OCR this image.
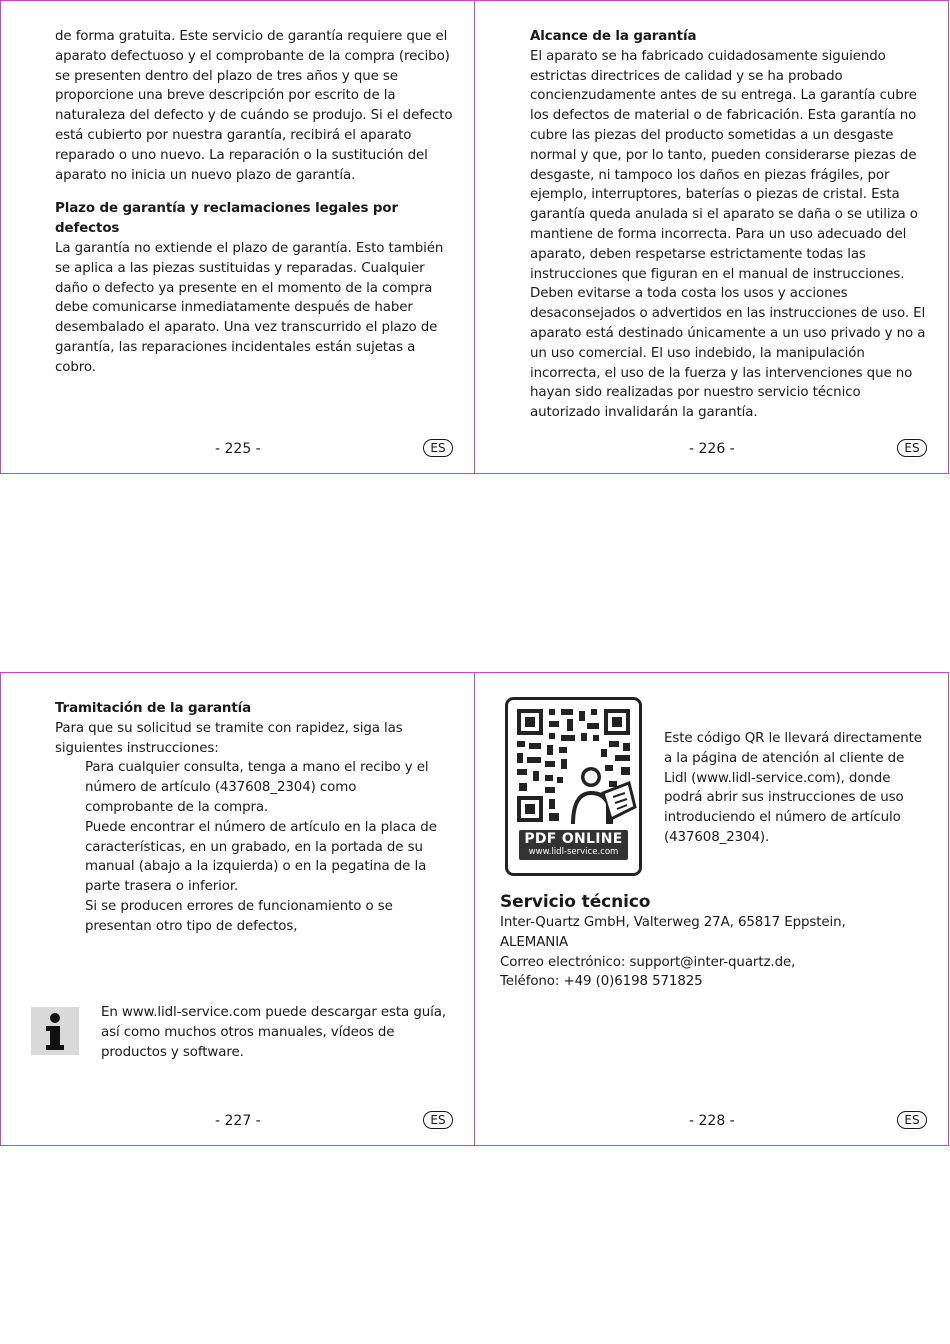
de forma gratuita. Este servicio de garantía requiere que el

aparato defectuoso y el comprobante de la compra (recibo)

se presenten dentro del plazo de tres años y que se

proporcione una breve descripción por escrito de la

naturaleza del defecto y de cuándo se produjo. Si el defecto

está cubierto por nuestra garantía, recibirá el aparato

reparado o uno nuevo. La reparación o la sustitución del

aparato no inicia un nuevo plazo de garantía.

Plazo de garantía y reclamaciones legales por

defectos

La garantía no extiende el plazo de garantía. Esto también

se aplica a las piezas sustituidas y reparadas. Cualquier

daño o defecto ya presente en el momento de la compra

debe comunicarse inmediatamente después de haber

desembalado el aparato. Una vez transcurrido el plazo de

garantía, las reparaciones incidentales están sujetas a

cobro.

- 225 -	ES

Alcance de la garantía

El aparato se ha fabricado cuidadosamente siguiendo

estrictas directrices de calidad y se ha probado

concienzudamente antes de su entrega. La garantía cubre

los defectos de material o de fabricación. Esta garantía no

cubre las piezas del producto sometidas a un desgaste

normal y que, por lo tanto, pueden considerarse piezas de

desgaste, ni tampoco los daños en piezas frágiles, por

ejemplo, interruptores, baterías o piezas de cristal. Esta

garantía queda anulada si el aparato se daña o se utiliza o

mantiene de forma incorrecta. Para un uso adecuado del

aparato, deben respetarse estrictamente todas las

instrucciones que figuran en el manual de instrucciones.

Deben evitarse a toda costa los usos y acciones

desaconsejados o advertidos en las instrucciones de uso. El

aparato está destinado únicamente a un uso privado y no a

un uso comercial. El uso indebido, la manipulación

incorrecta, el uso de la fuerza y las intervenciones que no

hayan sido realizadas por nuestro servicio técnico

autorizado invalidarán la garantía.

- 226 -	ES

Tramitación de la garantía

Para que su solicitud se tramite con rapidez, siga las

siguientes instrucciones:

Para cualquier consulta, tenga a mano el recibo y el

número de artículo (437608_2304) como

comprobante de la compra.

Puede encontrar el número de artículo en la placa de

características, en un grabado, en la portada de su

manual (abajo a la izquierda) o en la pegatina de la

parte trasera o inferior.

Si se producen errores de funcionamiento o se

presentan otro tipo de defectos,

En www.lidl-service.com puede descargar esta guía,

así como muchos otros manuales, vídeos de

productos y software.

- 227 -	ES
PDF ONLINE
www.lidl-service.com

Este código QR le llevará directamente

a la página de atención al cliente de

Lidl (www.lidl-service.com), donde

podrá abrir sus instrucciones de uso

introduciendo el número de artículo

(437608_2304).

Servicio técnico

Inter-Quartz GmbH, Valterweg 27A, 65817 Eppstein,

ALEMANIA

Correo electrónico: support@inter-quartz.de,

Teléfono: +49 (0)6198 571825

- 228 -	ES
